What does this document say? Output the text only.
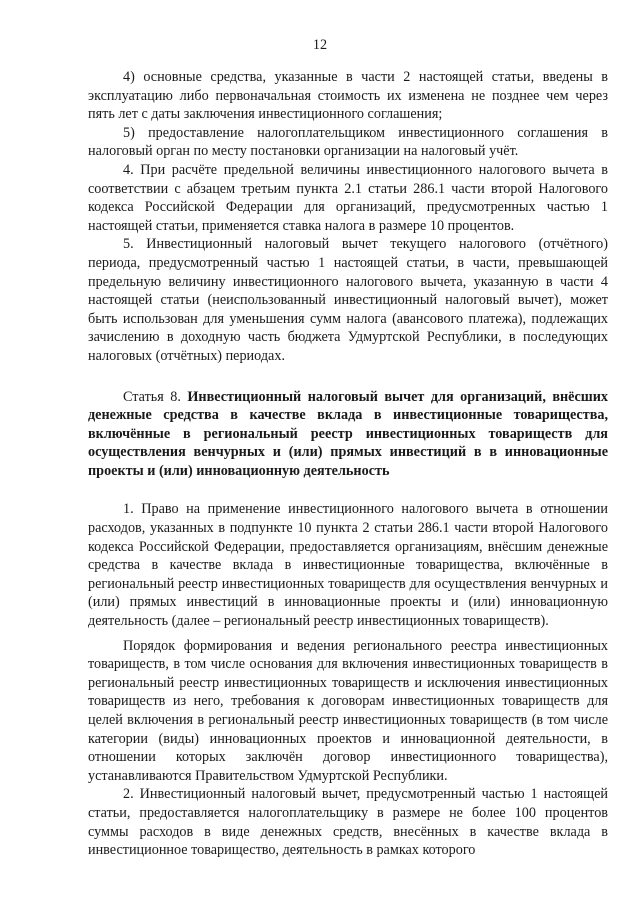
12

4) основные средства, указанные в части 2 настоящей статьи, введены в эксплуатацию либо первоначальная стоимость их изменена не позднее чем через пять лет с даты заключения инвестиционного соглашения;

5) предоставление налогоплательщиком инвестиционного соглашения в налоговый орган по месту постановки организации на налоговый учёт.

4. При расчёте предельной величины инвестиционного налогового вычета в соответствии с абзацем третьим пункта 2.1 статьи 286.1 части второй Налогового кодекса Российской Федерации для организаций, предусмотренных частью 1 настоящей статьи, применяется ставка налога в размере 10 процентов.

5. Инвестиционный налоговый вычет текущего налогового (отчётного) периода, предусмотренный частью 1 настоящей статьи, в части, превышающей предельную величину инвестиционного налогового вычета, указанную в части 4 настоящей статьи (неиспользованный инвестиционный налоговый вычет), может быть использован для уменьшения сумм налога (авансового платежа), подлежащих зачислению в доходную часть бюджета Удмуртской Республики, в последующих налоговых (отчётных) периодах.

Статья 8. Инвестиционный налоговый вычет для организаций, внёсших денежные средства в качестве вклада в инвестиционные товарищества, включённые в региональный реестр инвестиционных товариществ для осуществления венчурных и (или) прямых инвестиций в в инновационные проекты и (или) инновационную деятельность

1. Право на применение инвестиционного налогового вычета в отношении расходов, указанных в подпункте 10 пункта 2 статьи 286.1 части второй Налогового кодекса Российской Федерации, предоставляется организациям, внёсшим денежные средства в качестве вклада в инвестиционные товарищества, включённые в региональный реестр инвестиционных товариществ для осуществления венчурных и (или) прямых инвестиций в инновационные проекты и (или) инновационную деятельность (далее – региональный реестр инвестиционных товариществ).

Порядок формирования и ведения регионального реестра инвестиционных товариществ, в том числе основания для включения инвестиционных товариществ в региональный реестр инвестиционных товариществ и исключения инвестиционных товариществ из него, требования к договорам инвестиционных товариществ для целей включения в региональный реестр инвестиционных товариществ (в том числе категории (виды) инновационных проектов и инновационной деятельности, в отношении которых заключён договор инвестиционного товарищества), устанавливаются Правительством Удмуртской Республики.

2. Инвестиционный налоговый вычет, предусмотренный частью 1 настоящей статьи, предоставляется налогоплательщику в размере не более 100 процентов суммы расходов в виде денежных средств, внесённых в качестве вклада в инвестиционное товарищество, деятельность в рамках которого
